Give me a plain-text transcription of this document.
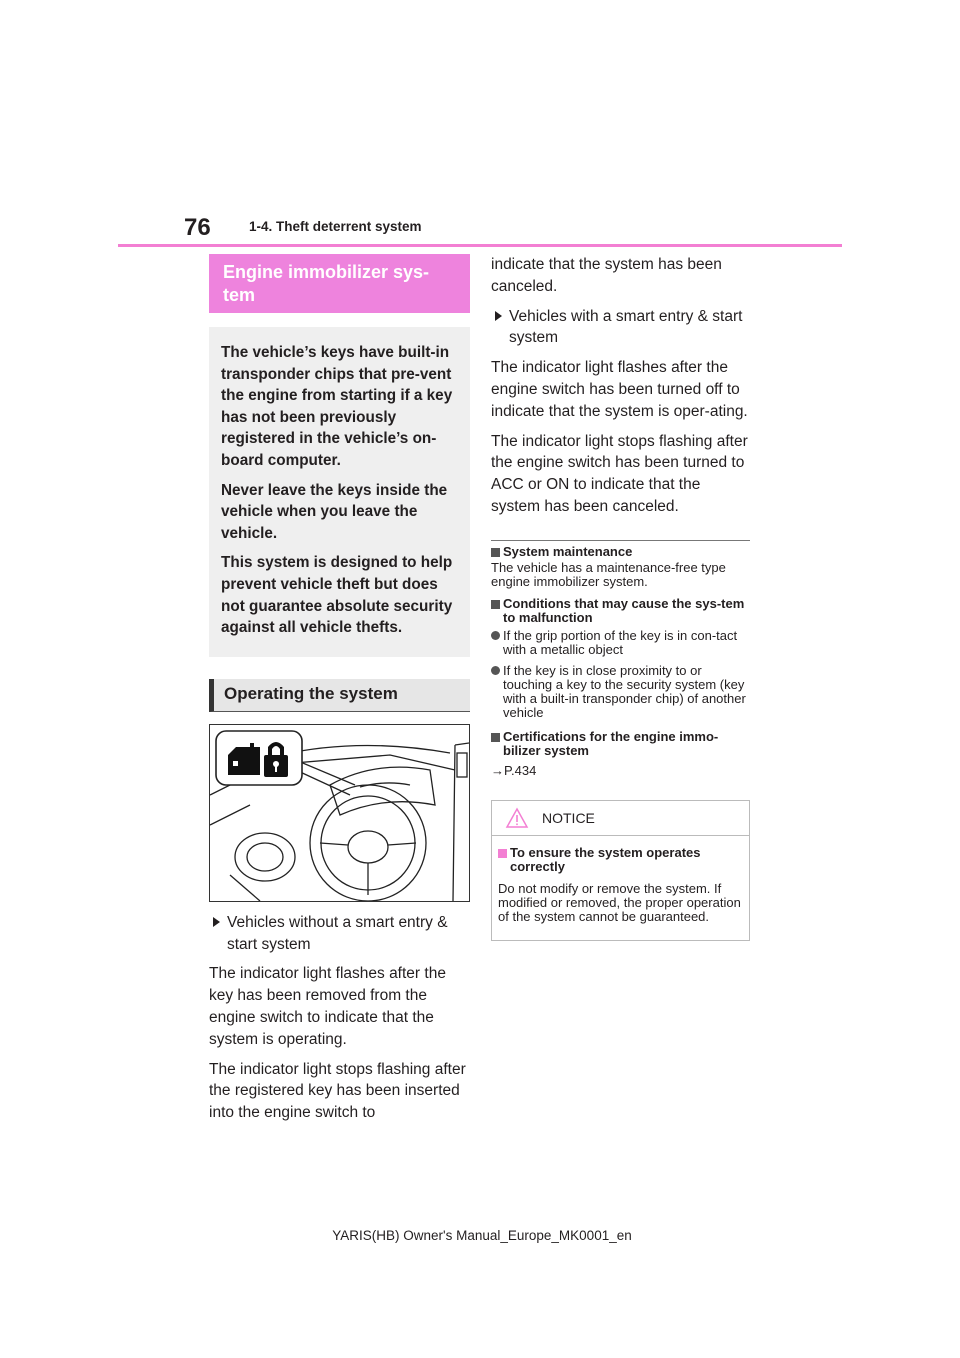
76	1-4. Theft deterrent system
Engine immobilizer sys-tem

The vehicle’s keys have built-in transponder chips that pre-vent the engine from starting if a key has not been previously registered in the vehicle’s on-board computer.

Never leave the keys inside the vehicle when you leave the vehicle.

This system is designed to help prevent vehicle theft but does not guarantee absolute security against all vehicle thefts.

Operating the system
Vehicles without a smart entry & start system

The indicator light flashes after the key has been removed from the engine switch to indicate that the system is operating.

The indicator light stops flashing after the registered key has been inserted into the engine switch to

indicate that the system has been canceled.

Vehicles with a smart entry & start system

The indicator light flashes after the engine switch has been turned off to indicate that the system is oper-ating.

The indicator light stops flashing after the engine switch has been turned to ACC or ON to indicate that the system has been canceled.

System maintenance

The vehicle has a maintenance-free type engine immobilizer system.

Conditions that may cause the sys-tem to malfunction
If the grip portion of the key is in con-tact with a metallic object
If the key is in close proximity to or touching a key to the security system (key with a built-in transponder chip) of another vehicle
Certifications for the engine immo-bilizer system

→P.434

NOTICE
To ensure the system operates correctly

Do not modify or remove the system. If modified or removed, the proper operation of the system cannot be guaranteed.

YARIS(HB) Owner's Manual_Europe_MK0001_en
